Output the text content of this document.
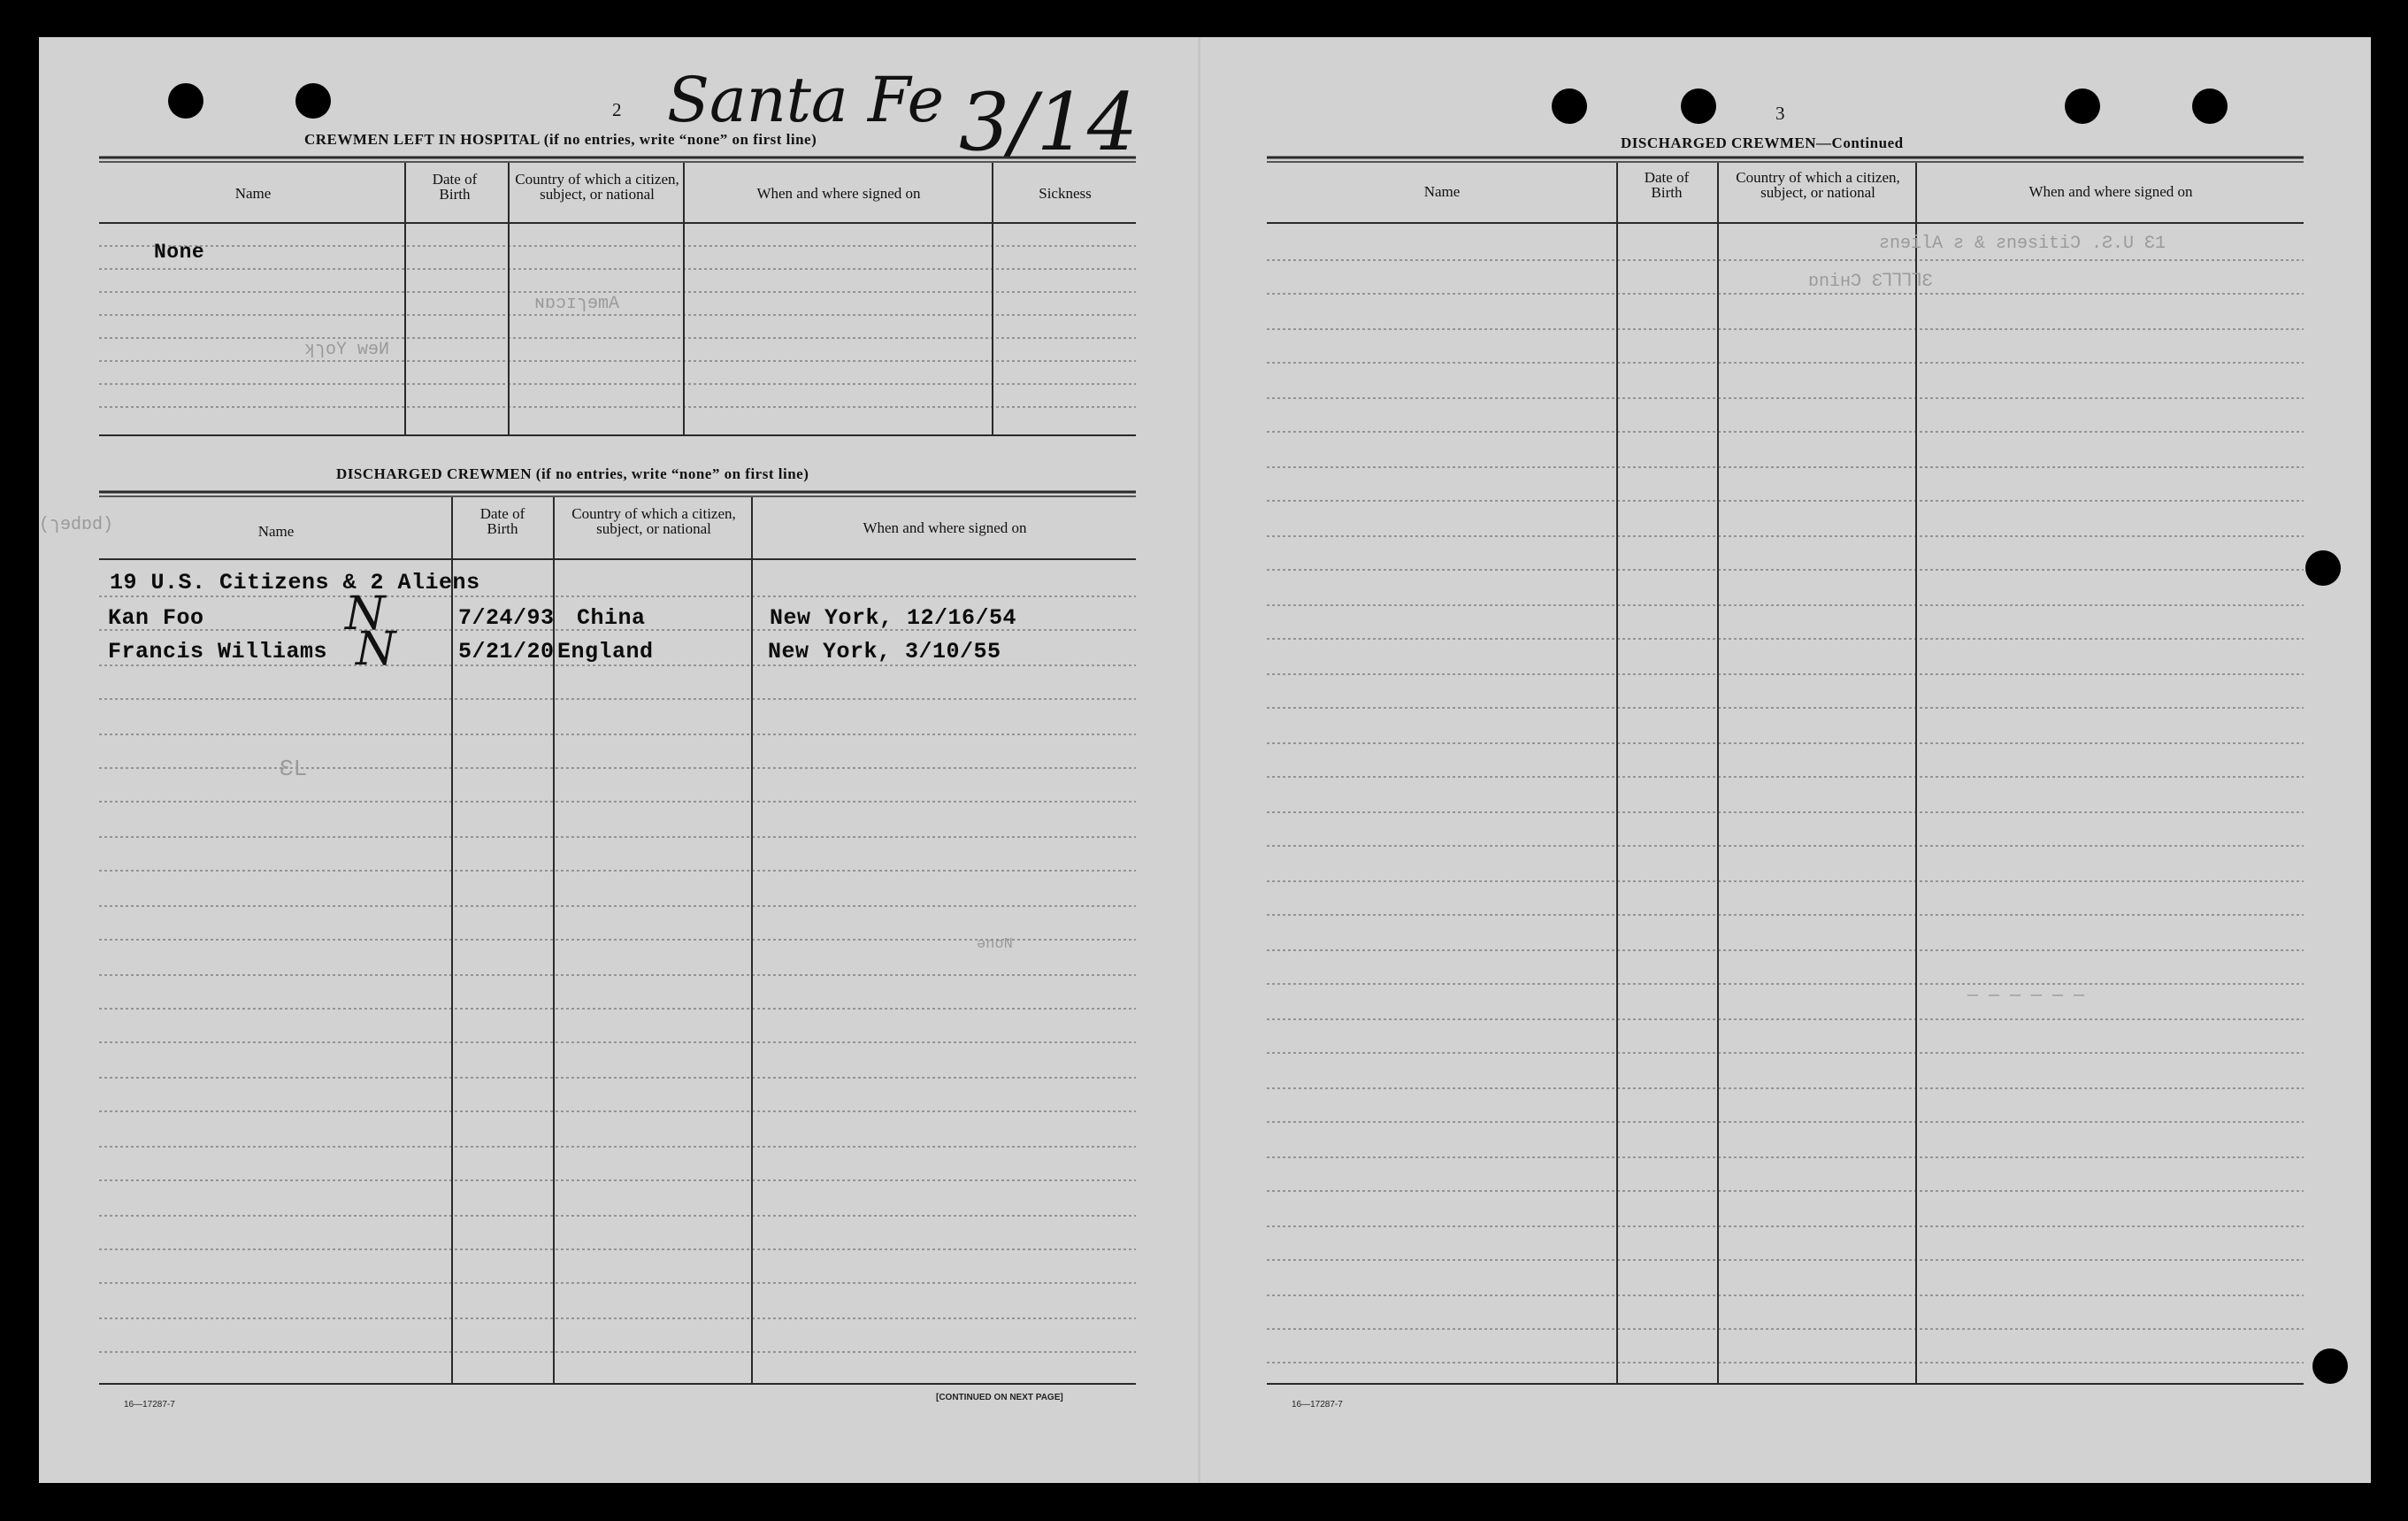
2 Santa Fe 3/14
CREWMEN LEFT IN HOSPITAL (if no entries, write “none” on first line)
Name
Date of Birth
Country of which a citizen, subject, or national	When and where signed on	Sickness
None
ɴɒɔɪɿɘmA
ʞɿoY wɘИ
(ɿɘdɒd)
DISCHARGED CREWMEN (if no entries, write “none” on first line)
Name
Date of Birth
Country of which a citizen, subject, or national	When and where signed on
19 U.S. Citizens & 2 Aliens
Kan Foo	N	7/24/93 China	New York, 12/16/54
Francis Williams N	5/21/20 England	New York, 3/10/55
ƐL
ənoN
16—17287-7
[CONTINUED ON NEXT PAGE]
3
DISCHARGED CREWMEN—Continued
Name
Date of Birth
Country of which a citizen, subject, or national	When and where signed on
ƨnɘilA ƨ & ƨnɘsitiƆ .Ƨ.U Ɛ1
ɒniʜƆ ƐꓶꓶꓶꓶƐ
— — — — — —
16—17287-7
